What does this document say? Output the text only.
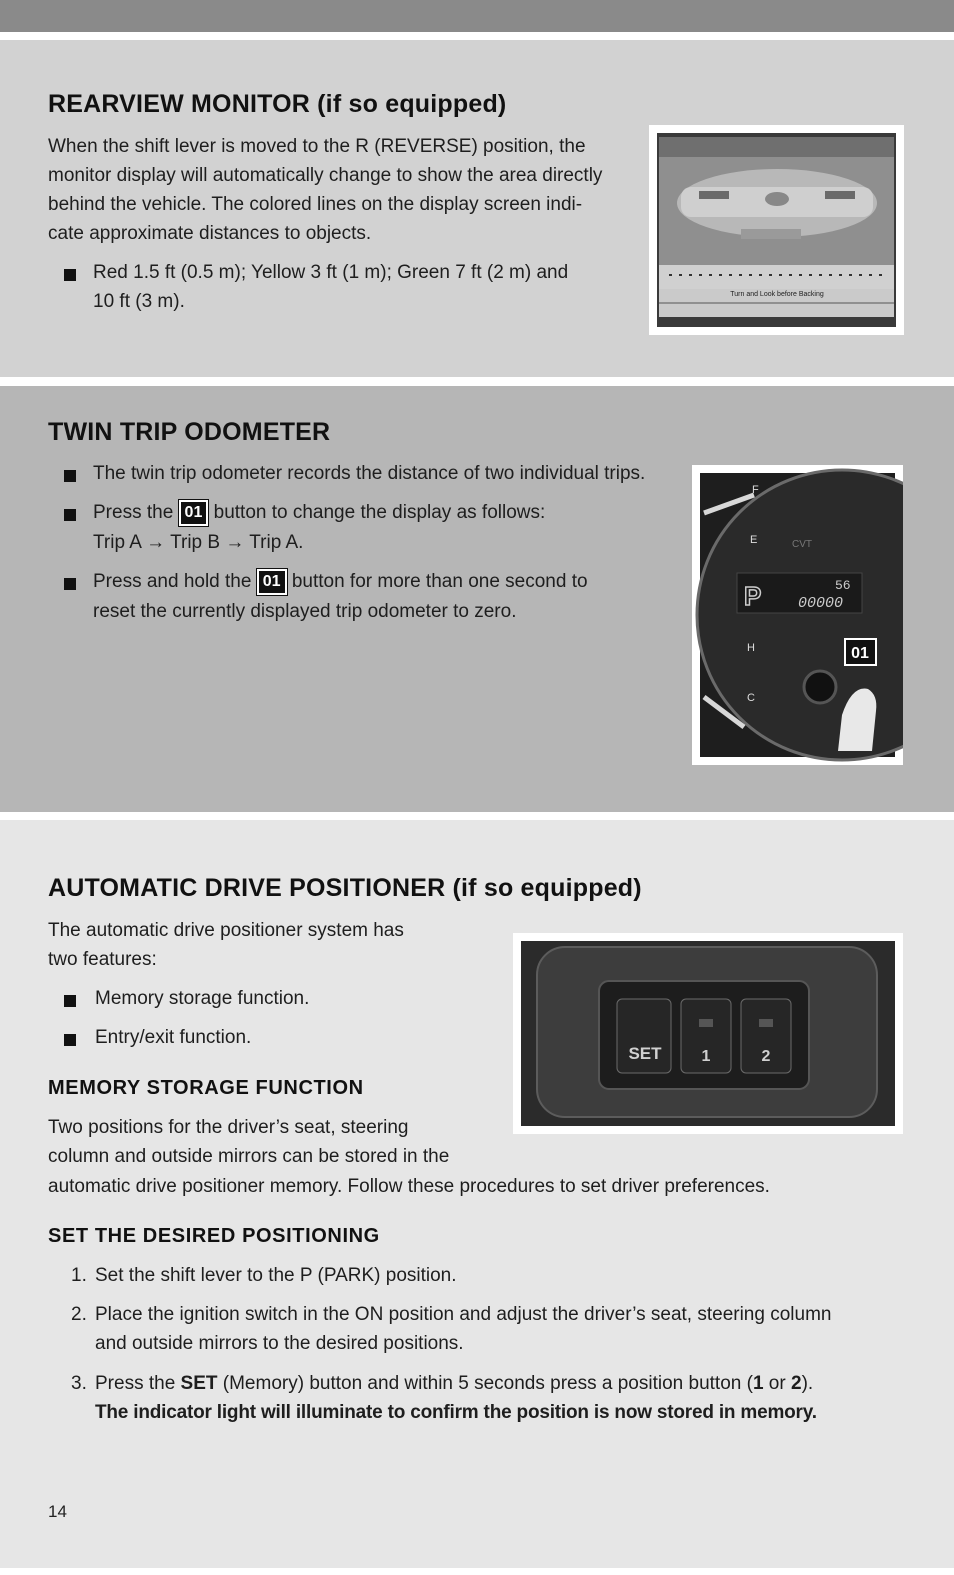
REARVIEW MONITOR (if so equipped)

When the shift lever is moved to the R (REVERSE) position, the

monitor display will automatically change to show the area directly

behind the vehicle. The colored lines on the display screen indi-

cate approximate distances to objects.

Red 1.5 ft (0.5 m); Yellow 3 ft (1 m); Green 7 ft (2 m) and
10 ft (3 m).	Turn and Look before Backing
TWIN TRIP ODOMETER
The twin trip odometer records the distance of two individual trips.
Press the 01 button to change the display as follows:
Trip A → Trip B → Trip A.
Press and hold the 01 button for more than one second to
reset the currently displayed trip odometer to zero.
F
E
H
C
CVT
P	56
00000
01
AUTOMATIC DRIVE POSITIONER (if so equipped)

The automatic drive positioner system has

two features:

Memory storage function.
Entry/exit function.
MEMORY STORAGE FUNCTION

Two positions for the driver’s seat, steering

column and outside mirrors can be stored in the

automatic drive positioner memory. Follow these procedures to set driver preferences.

SET THE DESIRED POSITIONING
1. Set the shift lever to the P (PARK) position.
2. Place the ignition switch in the ON position and adjust the driver’s seat, steering column
and outside mirrors to the desired positions.
3. Press the SET (Memory) button and within 5 seconds press a position button (1 or 2).
The indicator light will illuminate to confirm the position is now stored in memory.
SET	1	2
14
